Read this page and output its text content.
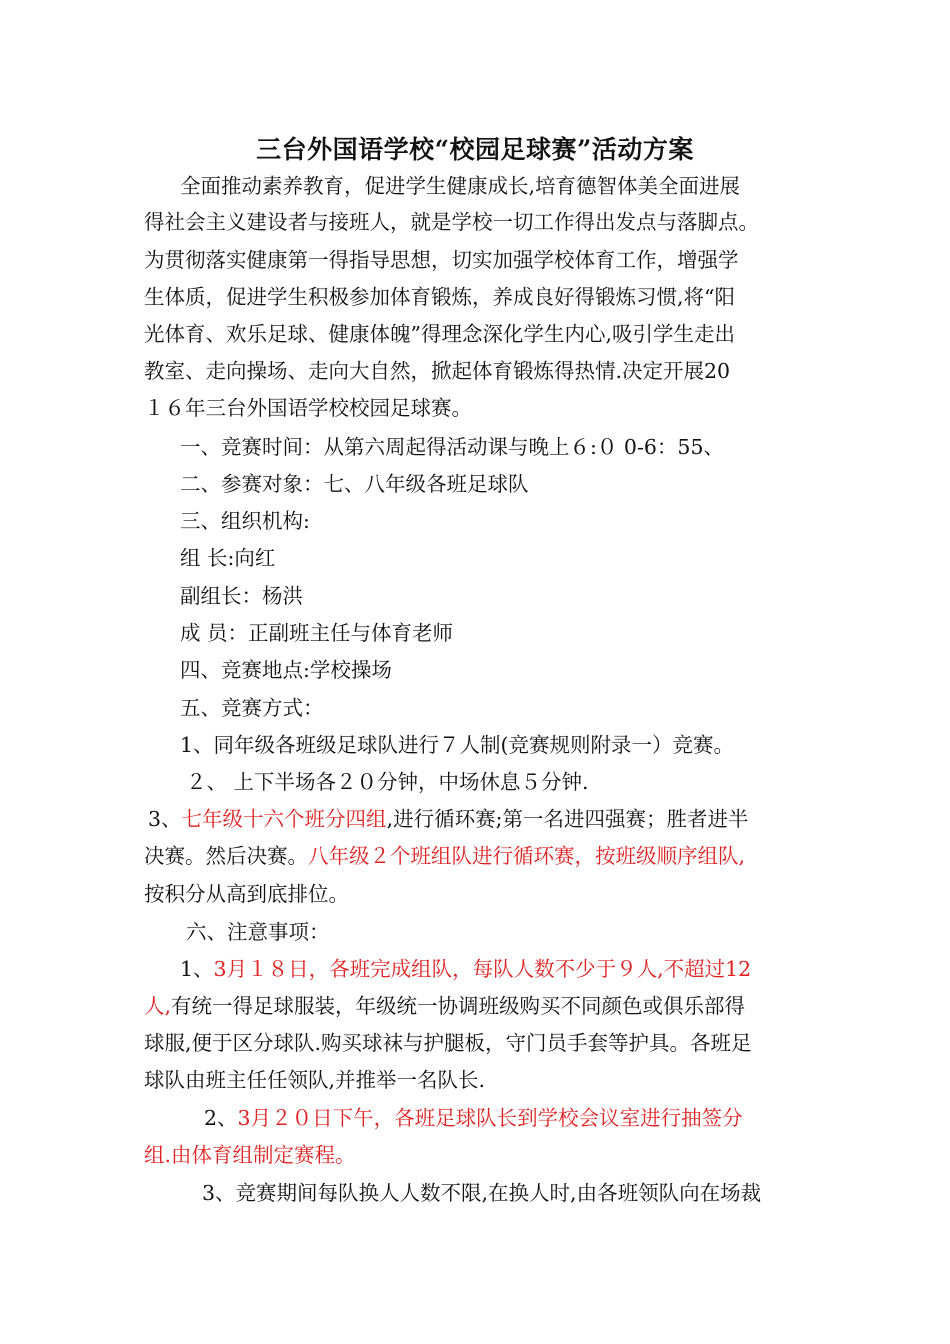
三台外国语学校“校园足球赛”活动方案
全面推动素养教育，促进学生健康成长,培育德智体美全面进展
得社会主义建设者与接班人，就是学校一切工作得出发点与落脚点。
为贯彻落实健康第一得指导思想，切实加强学校体育工作，增强学
生体质，促进学生积极参加体育锻炼，养成良好得锻炼习惯,将“阳
光体育、欢乐足球、健康体魄”得理念深化学生内心,吸引学生走出
教室、走向操场、走向大自然，掀起体育锻炼得热情.决定开展20
１６年三台外国语学校校园足球赛。
一、竞赛时间：从第六周起得活动课与晚上６:０ 0-6：55、
二、参赛对象：七、八年级各班足球队
三、组织机构:
组 长:向红
副组长：杨洪
成 员：正副班主任与体育老师
四、竞赛地点:学校操场
五、竞赛方式：
1、同年级各班级足球队进行７人制(竞赛规则附录一）竞赛。
２、 上下半场各２０分钟，中场休息５分钟.
3、七年级十六个班分四组,进行循环赛;第一名进四强赛；胜者进半
决赛。然后决赛。八年级２个班组队进行循环赛，按班级顺序组队,
按积分从高到底排位。
六、注意事项：
1、3月１８日，各班完成组队，每队人数不少于９人,不超过12
人,有统一得足球服装，年级统一协调班级购买不同颜色或俱乐部得
球服,便于区分球队.购买球袜与护腿板，守门员手套等护具。各班足
球队由班主任任领队,并推举一名队长.
2、3月２０日下午，各班足球队长到学校会议室进行抽签分
组.由体育组制定赛程。
3、竞赛期间每队换人人数不限,在换人时,由各班领队向在场裁
